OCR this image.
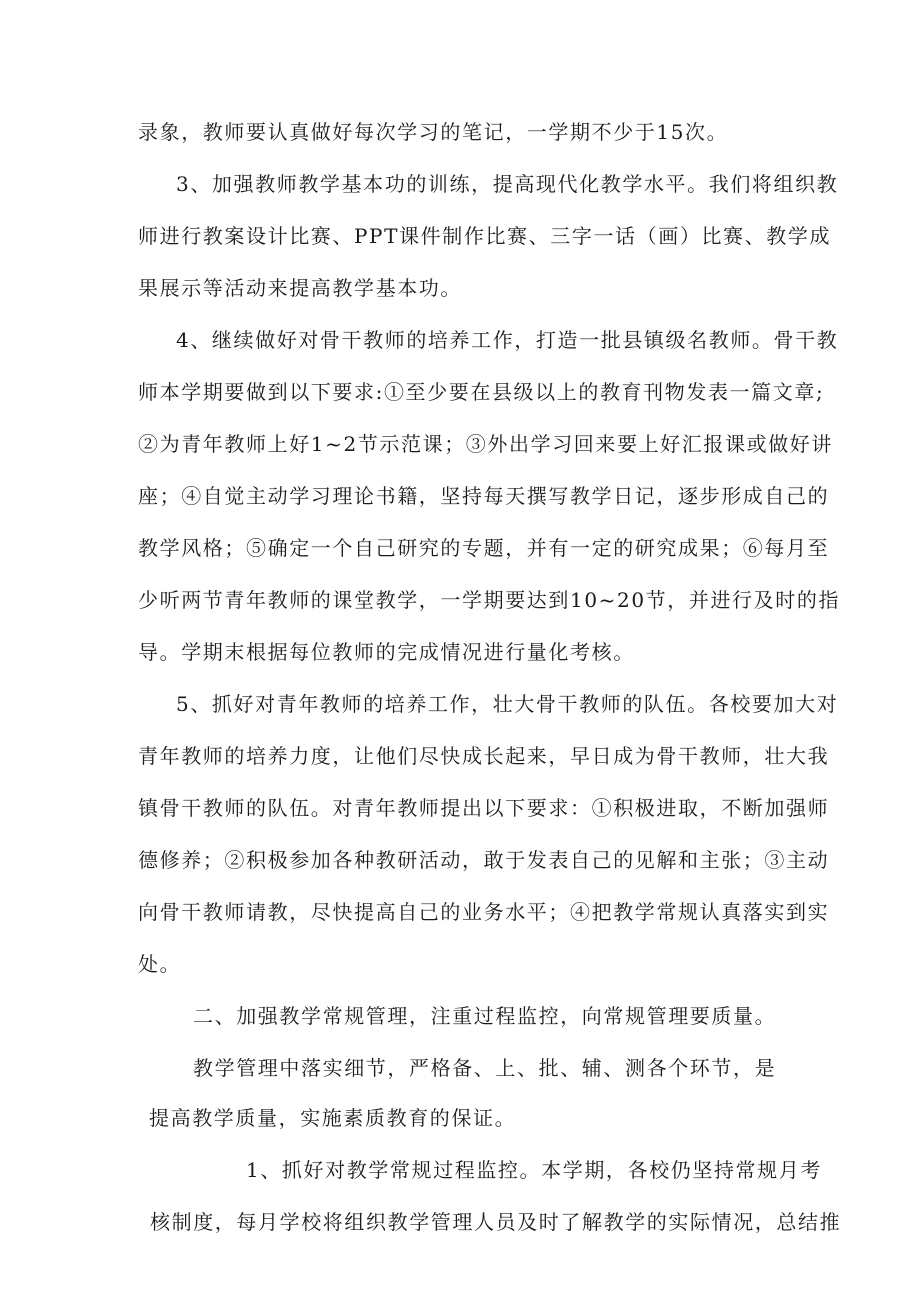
录象，教师要认真做好每次学习的笔记，一学期不少于15次。
3、加强教师教学基本功的训练，提高现代化教学水平。我们将组织教
师进行教案设计比赛、PPT课件制作比赛、三字一话（画）比赛、教学成
果展示等活动来提高教学基本功。
4、继续做好对骨干教师的培养工作，打造一批县镇级名教师。骨干教
师本学期要做到以下要求:①至少要在县级以上的教育刊物发表一篇文章;
②为青年教师上好1~2节示范课；③外出学习回来要上好汇报课或做好讲
座；④自觉主动学习理论书籍，坚持每天撰写教学日记，逐步形成自己的
教学风格；⑤确定一个自己研究的专题，并有一定的研究成果；⑥每月至
少听两节青年教师的课堂教学，一学期要达到10~20节，并进行及时的指
导。学期末根据每位教师的完成情况进行量化考核。
5、抓好对青年教师的培养工作，壮大骨干教师的队伍。各校要加大对
青年教师的培养力度，让他们尽快成长起来，早日成为骨干教师，壮大我
镇骨干教师的队伍。对青年教师提出以下要求：①积极进取，不断加强师
德修养；②积极参加各种教研活动，敢于发表自己的见解和主张；③主动
向骨干教师请教，尽快提高自己的业务水平；④把教学常规认真落实到实
处。
二、加强教学常规管理，注重过程监控，向常规管理要质量。
教学管理中落实细节，严格备、上、批、辅、测各个环节，是
提高教学质量，实施素质教育的保证。
1、抓好对教学常规过程监控。本学期，各校仍坚持常规月考
核制度，每月学校将组织教学管理人员及时了解教学的实际情况，总结推
